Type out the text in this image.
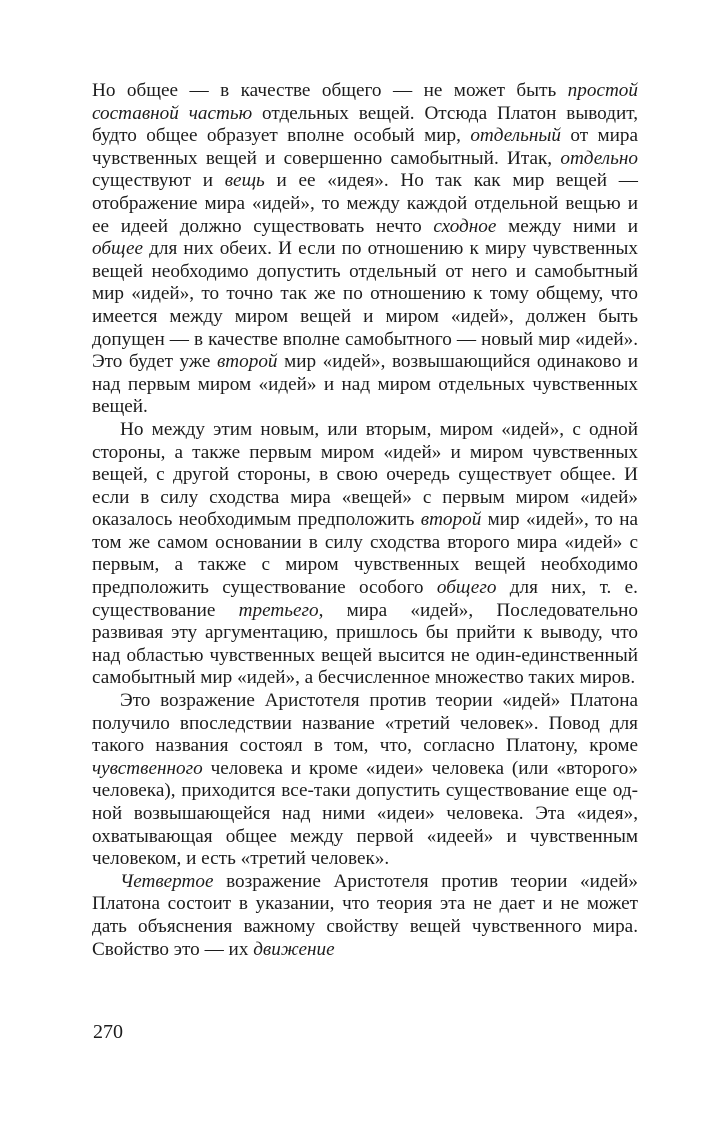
Но общее — в качестве общего — не может быть простой составной частью отдельных вещей. Отсюда Платон выводит, будто общее образует вполне особый мир, отдельный от мира чувственных вещей и совершенно самобытный. Итак, отдельно существуют и вещь и ее «идея». Но так как мир вещей — отображение мира «идей», то между каждой отдельной вещью и ее идеей должно существовать нечто сходное между ними и общее для них обеих. И если по отношению к миру чувственных вещей необходимо допустить отдельный от него и самобытный мир «идей», то точно так же по отношению к тому общему, что имеется между миром вещей и миром «идей», должен быть допущен — в качестве вполне самобытного — новый мир «идей». Это будет уже второй мир «идей», возвышающийся одинаково и над первым миром «идей» и над миром отдельных чувственных вещей.

Но между этим новым, или вторым, миром «идей», с одной стороны, а также первым миром «идей» и миром чувственных вещей, с другой стороны, в свою очередь существует общее. И если в силу сходства мира «вещей» с первым миром «идей» оказалось необходимым предположить второй мир «идей», то на том же самом основании в силу сходства второго мира «идей» с первым, а также с миром чувственных вещей необходимо предположить существование особого общего для них, т. е. существование третьего, мира «идей», Последовательно развивая эту аргументацию, пришлось бы прийти к выводу, что над областью чувственных вещей высится не один-единственный самобытный мир «идей», а бесчисленное множество таких миров.

Это возражение Аристотеля против теории «идей» Платона получило впоследствии название «третий человек». Повод для такого названия состоял в том, что, согласно Платону, кроме чувственного человека и кроме «идеи» человека (или «второго» человека), приходится все-таки допустить существование еще одной возвышающейся над ними «идеи» человека. Эта «идея», охватывающая общее между первой «идеей» и чувственным человеком, и есть «третий человек».

Четвертое возражение Аристотеля против теории «идей» Платона состоит в указании, что теория эта не дает и не может дать объяснения важному свойству вещей чувственного мира. Свойство это — их движение

270
